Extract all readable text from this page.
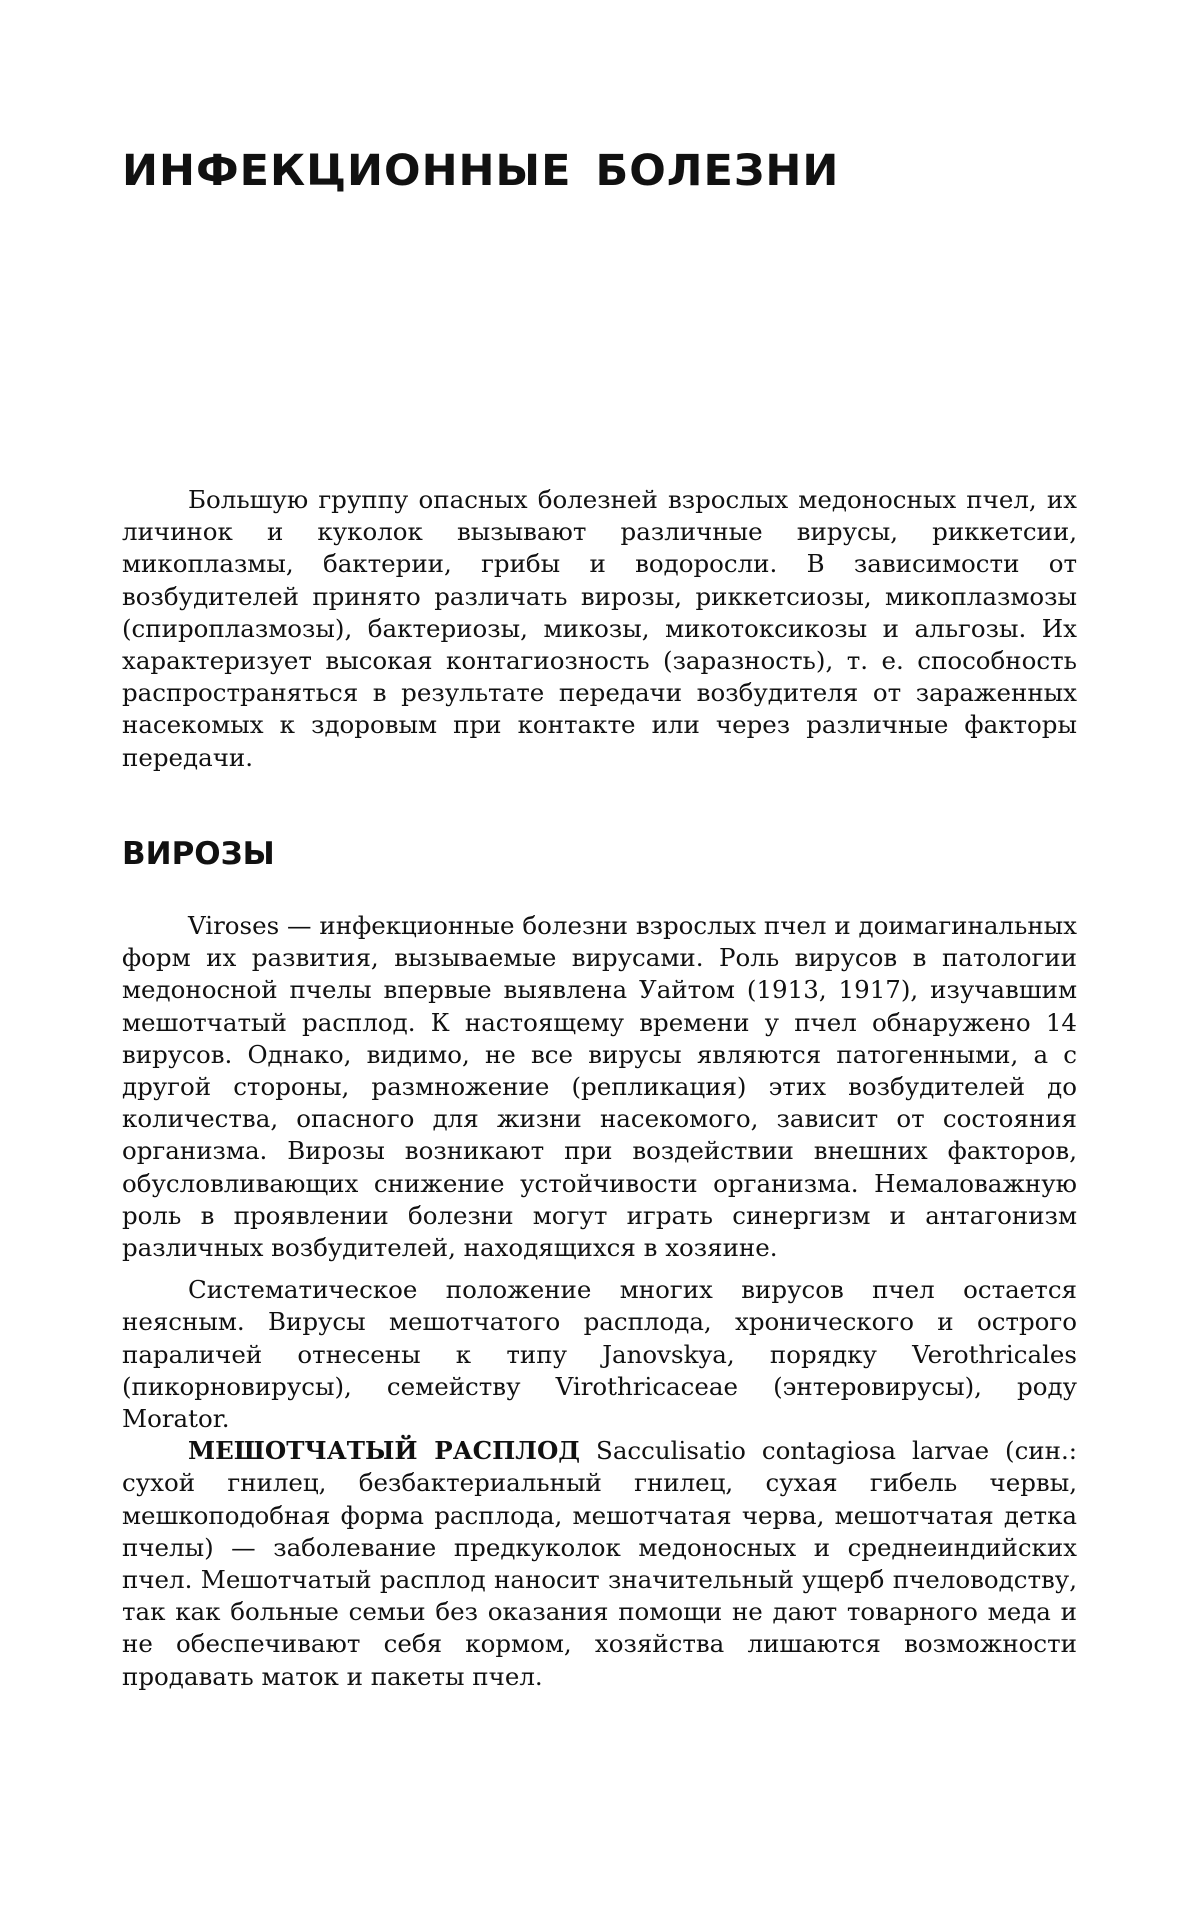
ИНФЕКЦИОННЫЕ БОЛЕЗНИ

Большую группу опасных болезней взрослых медоносных пчел, их личинок и куколок вызывают различные вирусы, риккетсии, микоплазмы, бактерии, грибы и водоросли. В зависимости от возбудителей принято различать вирозы, риккетсиозы, микоплазмозы (спироплазмозы), бактериозы, микозы, микотоксикозы и альгозы. Их характеризует высокая контагиозность (заразность), т. е. способность распространяться в результате передачи возбудителя от зараженных насекомых к здоровым при контакте или через различные факторы передачи.

ВИРОЗЫ

Viroses — инфекционные болезни взрослых пчел и доимагинальных форм их развития, вызываемые вирусами. Роль вирусов в патологии медоносной пчелы впервые выявлена Уайтом (1913, 1917), изучавшим мешотчатый расплод. К настоящему времени у пчел обнаружено 14 вирусов. Однако, видимо, не все вирусы являются патогенными, а с другой стороны, размножение (репликация) этих возбудителей до количества, опасного для жизни насекомого, зависит от состояния организма. Вирозы возникают при воздействии внешних факторов, обусловливающих снижение устойчивости организма. Немаловажную роль в проявлении болезни могут играть синергизм и антагонизм различных возбудителей, находящихся в хозяине.

Систематическое положение многих вирусов пчел остается неясным. Вирусы мешотчатого расплода, хронического и острого параличей отнесены к типу Janovskya, порядку Verothricales (пикорновирусы), семейству Virothricaceae (энтеровирусы), роду Morator.

МЕШОТЧАТЫЙ РАСПЛОД Sacculisatio contagiosa larvae (син.: сухой гнилец, безбактериальный гнилец, сухая гибель червы, мешкоподобная форма расплода, мешотчатая черва, мешотчатая детка пчелы) — заболевание предкуколок медоносных и среднеиндийских пчел. Мешотчатый расплод наносит значительный ущерб пчеловодству, так как больные семьи без оказания помощи не дают товарного меда и не обеспечивают себя кормом, хозяйства лишаются возможности продавать маток и пакеты пчел.
